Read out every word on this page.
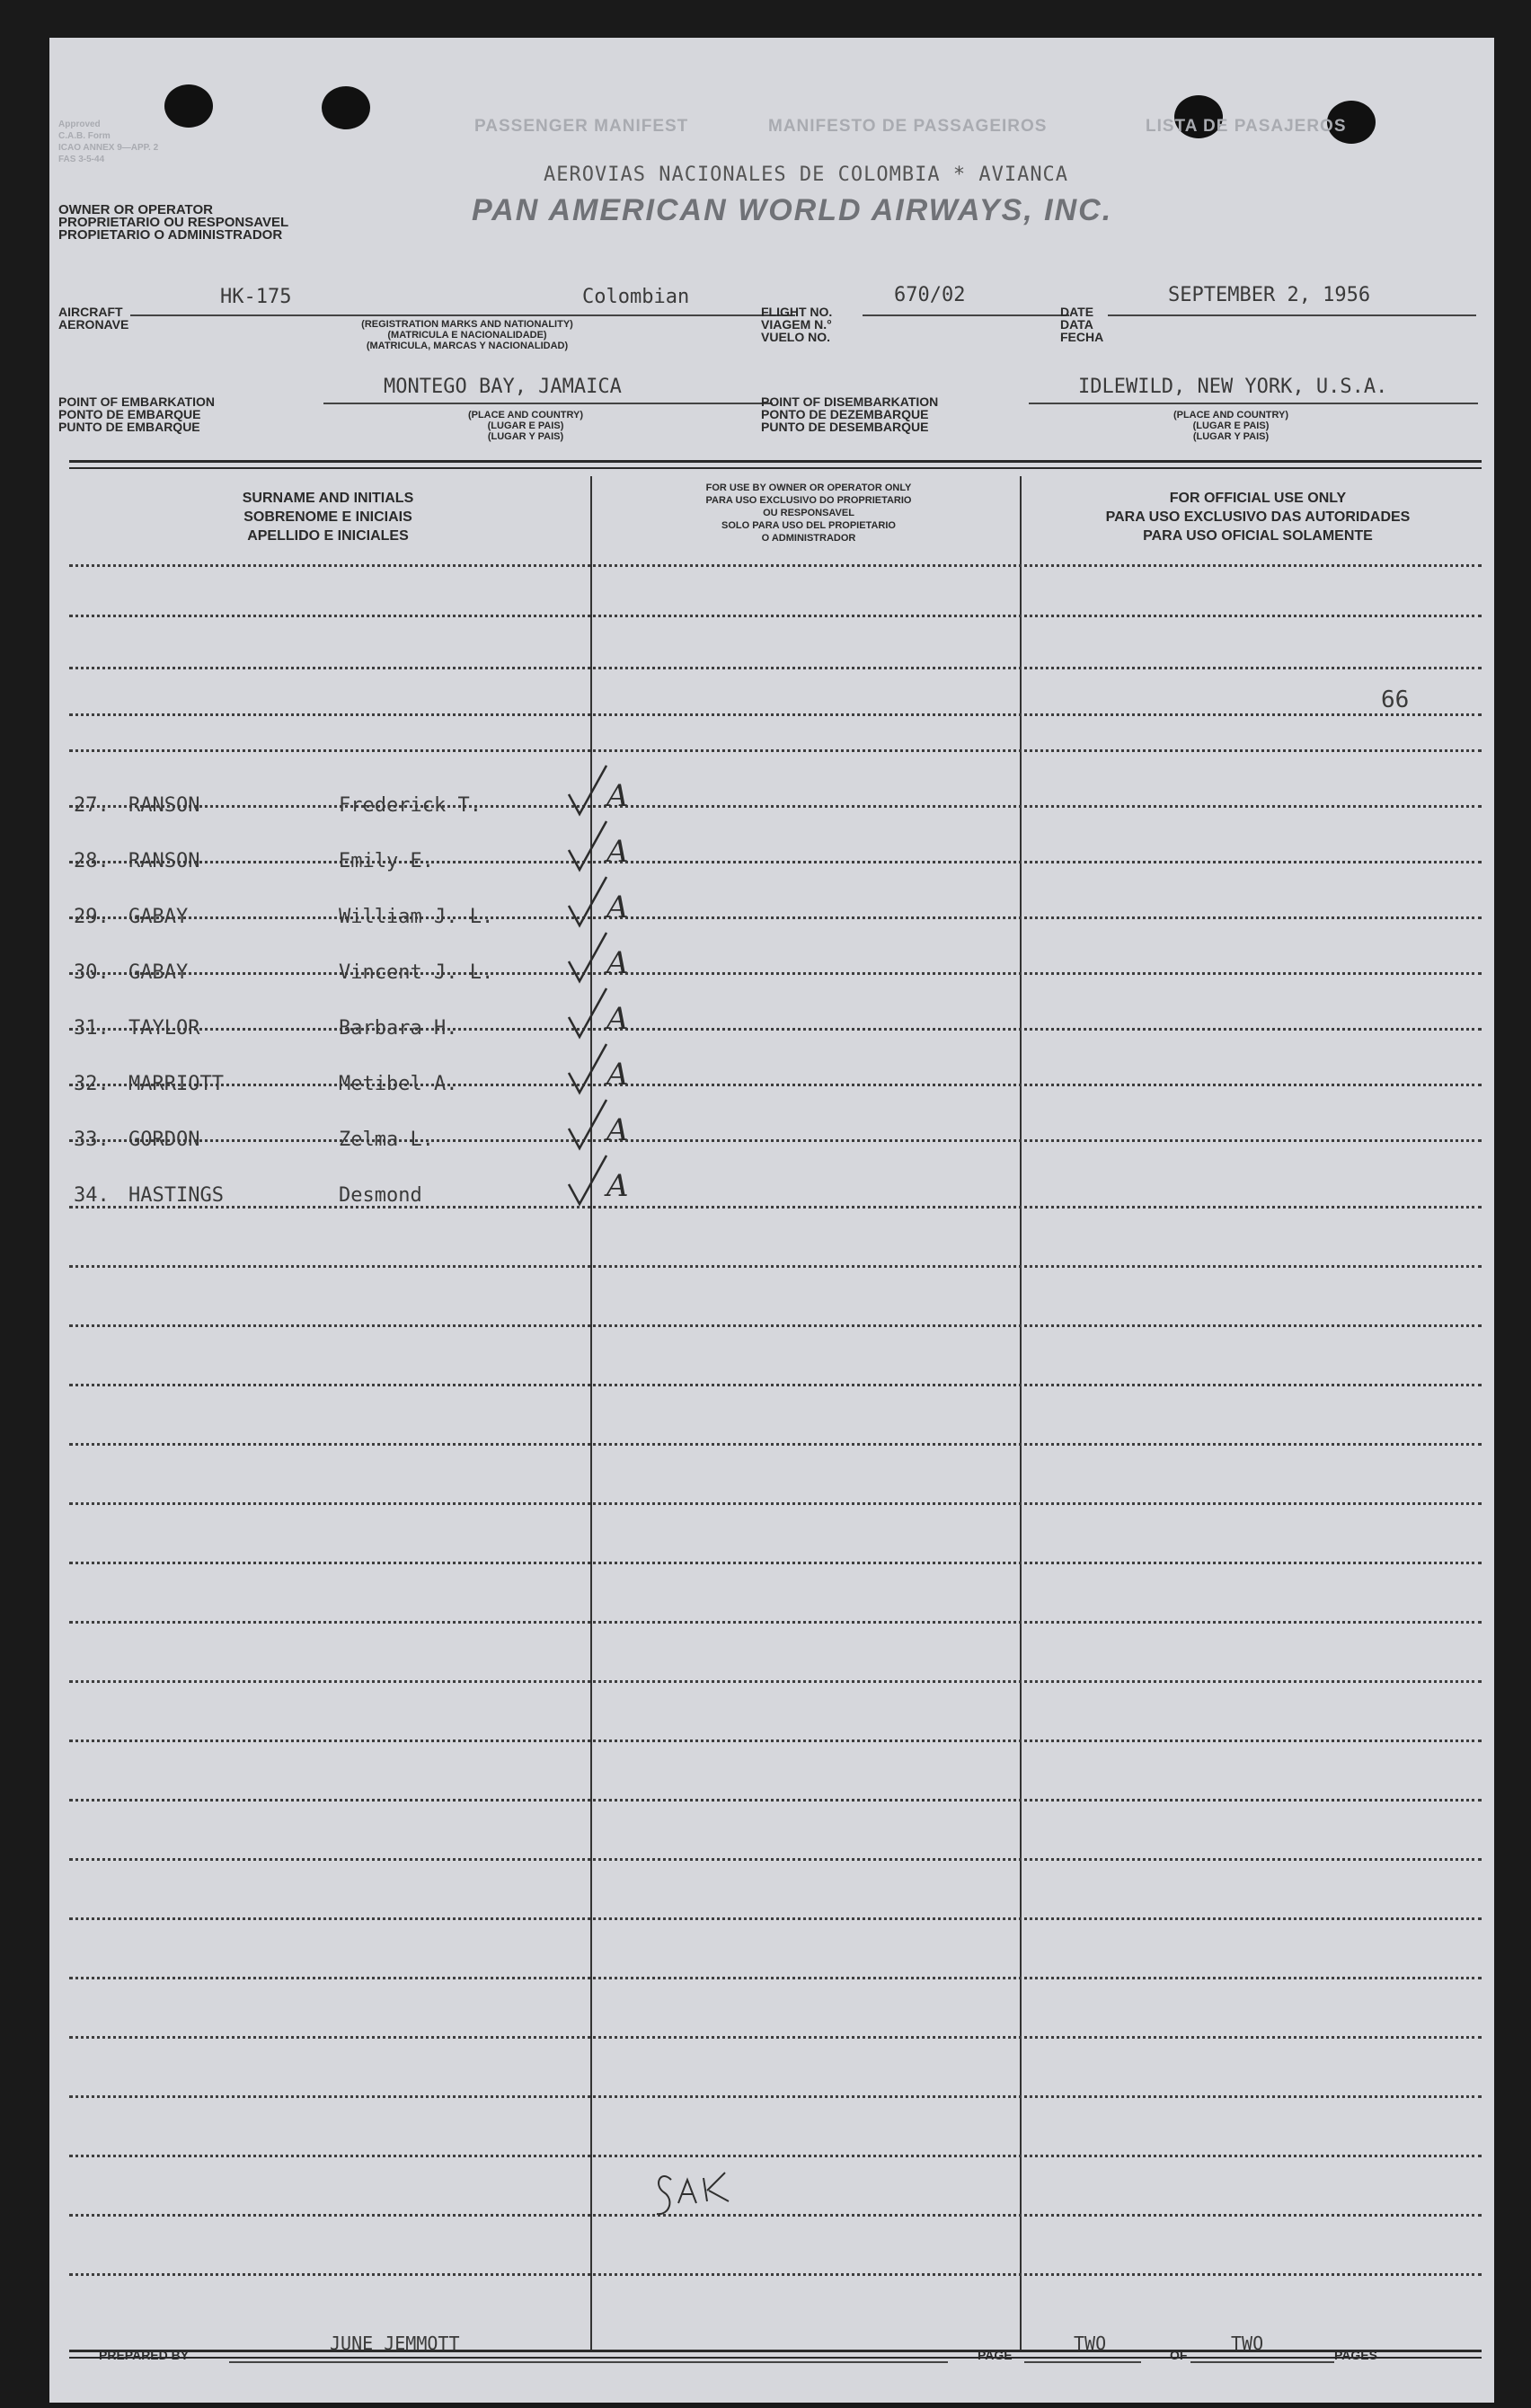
Approved
C.A.B. Form
ICAO ANNEX 9—APP. 2
FAS 3-5-44
PASSENGER MANIFEST	MANIFESTO DE PASSAGEIROS	LISTA DE PASAJEROS
OWNER OR OPERATOR
PROPRIETARIO OU RESPONSAVEL
PROPIETARIO O ADMINISTRADOR
AEROVIAS NACIONALES DE COLOMBIA * AVIANCA
PAN AMERICAN WORLD AIRWAYS, INC.
AIRCRAFT
AERONAVE
HK-175	Colombian
(REGISTRATION MARKS AND NATIONALITY)
(MATRICULA E NACIONALIDADE)
(MATRICULA, MARCAS Y NACIONALIDAD)
FLIGHT NO.
VIAGEM N.°
VUELO NO.
670/02
DATE
DATA
FECHA
SEPTEMBER 2, 1956
POINT OF EMBARKATION
PONTO DE EMBARQUE
PUNTO DE EMBARQUE
MONTEGO BAY, JAMAICA
(PLACE AND COUNTRY)
(LUGAR E PAIS)
(LUGAR Y PAIS)
POINT OF DISEMBARKATION
PONTO DE DEZEMBARQUE
PUNTO DE DESEMBARQUE
IDLEWILD, NEW YORK, U.S.A.
(PLACE AND COUNTRY)
(LUGAR E PAIS)
(LUGAR Y PAIS)
SURNAME AND INITIALS
SOBRENOME E INICIAIS
APELLIDO E INICIALES
FOR USE BY OWNER OR OPERATOR ONLY
PARA USO EXCLUSIVO DO PROPRIETARIO
OU RESPONSAVEL
SOLO PARA USO DEL PROPIETARIO
O ADMINISTRADOR
FOR OFFICIAL USE ONLY
PARA USO EXCLUSIVO DAS AUTORIDADES
PARA USO OFICIAL SOLAMENTE
66
27. RANSON	Frederick T.	A
28. RANSON	Emily E.	A
29. GABAY	William J. L.	A
30. GABAY	Vincent J. L.	A
31. TAYLOR	Barbara H.	A
32. MARRIOTT	Metibel A.	A
33. GORDON	Zelma L.	A
34. HASTINGS	Desmond	A
PREPARED BY
JUNE JEMMOTT
PAGE
TWO
OF
TWO
PAGES
